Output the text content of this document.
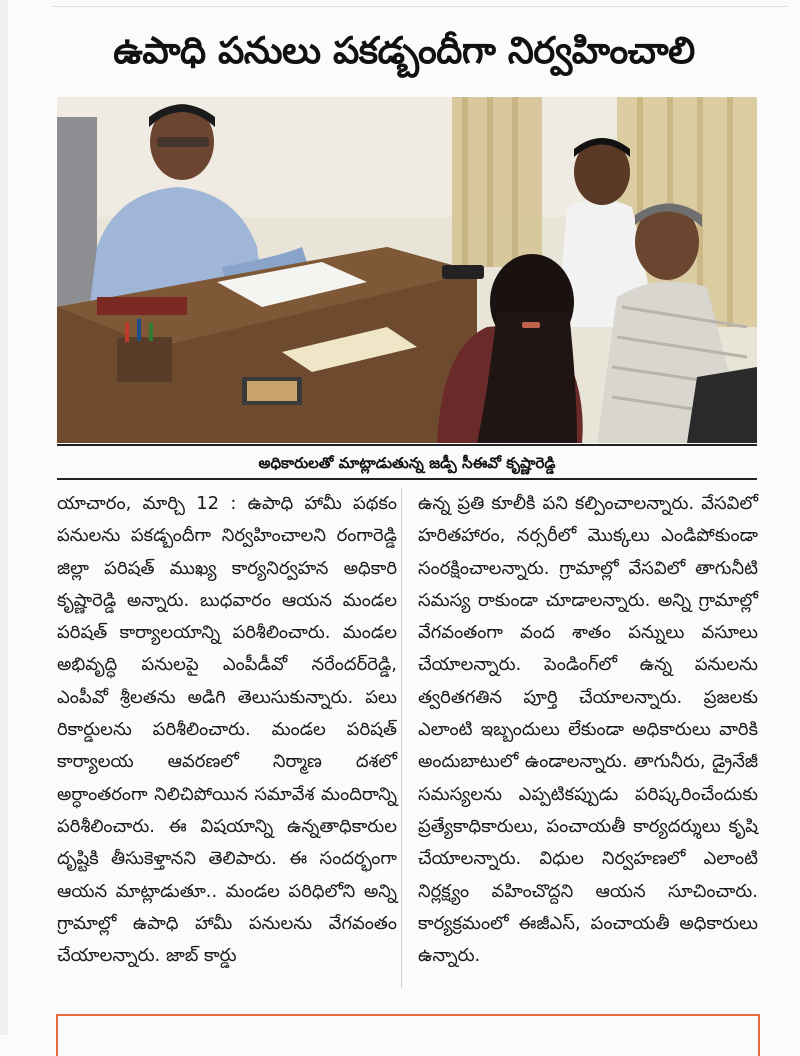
ఉపాధి పనులు పకడ్బందీగా నిర్వహించాలి
అధికారులతో మాట్లాడుతున్న జడ్పీ సీఈవో కృష్ణారెడ్డి

యాచారం, మార్చి 12 : ఉపాధి హామీ పథకం పనులను పకడ్బందీగా నిర్వహించాలని రంగారెడ్డి జిల్లా పరిషత్ ముఖ్య కార్యనిర్వహన అధికారి కృష్ణారెడ్డి అన్నారు. బుధవారం ఆయన మండల పరిషత్ కార్యాలయాన్ని పరిశీలించారు. మండల అభివృద్ధి పనులపై ఎంపీడీవో నరేందర్‌రెడ్డి, ఎంపీవో శ్రీలతను అడిగి తెలుసుకున్నారు. పలు రికార్డులను పరిశీలించారు. మండల పరిషత్ కార్యాలయ ఆవరణలో నిర్మాణ దశలో అర్ధాంతరంగా నిలిచిపోయిన సమావేశ మందిరాన్ని పరిశీలించారు. ఈ విషయాన్ని ఉన్నతాధికారుల దృష్టికి తీసుకెళ్తానని తెలిపారు. ఈ సందర్భంగా ఆయన మాట్లాడుతూ.. మండల పరిధిలోని అన్ని గ్రామాల్లో ఉపాధి హామీ పనులను వేగవంతం చేయాలన్నారు. జాబ్ కార్డు

ఉన్న ప్రతి కూలీకి పని కల్పించాలన్నారు. వేసవిలో హరితహారం, నర్సరీలో మొక్కలు ఎండిపోకుండా సంరక్షించాలన్నారు. గ్రామాల్లో వేసవిలో తాగునీటి సమస్య రాకుండా చూడాలన్నారు. అన్ని గ్రామాల్లో వేగవంతంగా వంద శాతం పన్నులు వసూలు చేయాలన్నారు. పెండింగ్‌లో ఉన్న పనులను త్వరితగతిన పూర్తి చేయాలన్నారు. ప్రజలకు ఎలాంటి ఇబ్బందులు లేకుండా అధికారులు వారికి అందుబాటులో ఉండాలన్నారు. తాగునీరు, డ్రైనేజీ సమస్యలను ఎప్పటికప్పుడు పరిష్కరించేందుకు ప్రత్యేకాధికారులు, పంచాయతీ కార్యదర్శులు కృషి చేయాలన్నారు. విధుల నిర్వహణలో ఎలాంటి నిర్లక్ష్యం వహించొద్దని ఆయన సూచించారు. కార్యక్రమంలో ఈజీఎస్, పంచాయతీ అధికారులు ఉన్నారు.
